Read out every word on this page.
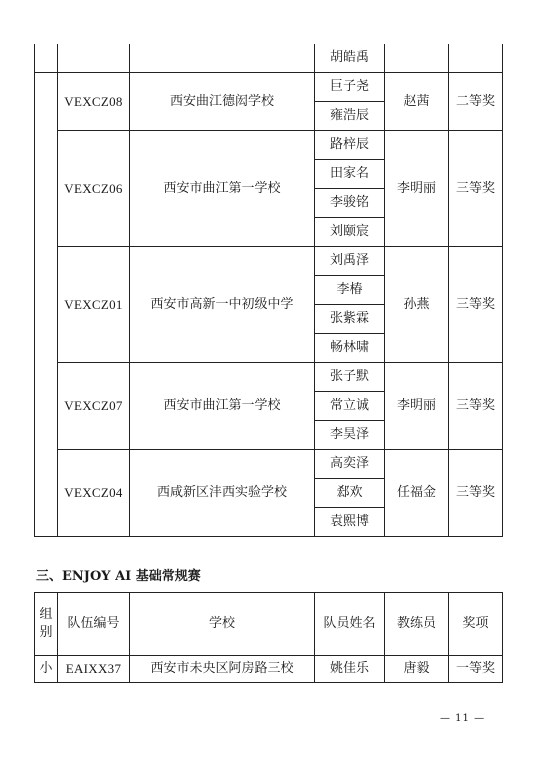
			胡皓禹		
	VEXCZ08	西安曲江德闳学校	巨子尧	赵茜	二等奖
			雍浩辰		
	VEXCZ06	西安市曲江第一学校	路梓辰	李明丽	三等奖
			田家名		
			李骏铭		
			刘颐宸		
	VEXCZ01	西安市高新一中初级中学	刘禹泽	孙燕	三等奖
			李椿		
			张紫霖		
			畅林啸		
	VEXCZ07	西安市曲江第一学校	张子默	李明丽	三等奖
			常立诚		
			李昊泽		
	VEXCZ04	西咸新区沣西实验学校	高奕泽	任福金	三等奖
			郄欢		
			袁熙博		
三、ENJOY AI 基础常规赛
组别	队伍编号	学校	队员姓名	教练员	奖项
小	EAIXX37	西安市未央区阿房路三校	姚佳乐	唐毅	一等奖
— 11 —
